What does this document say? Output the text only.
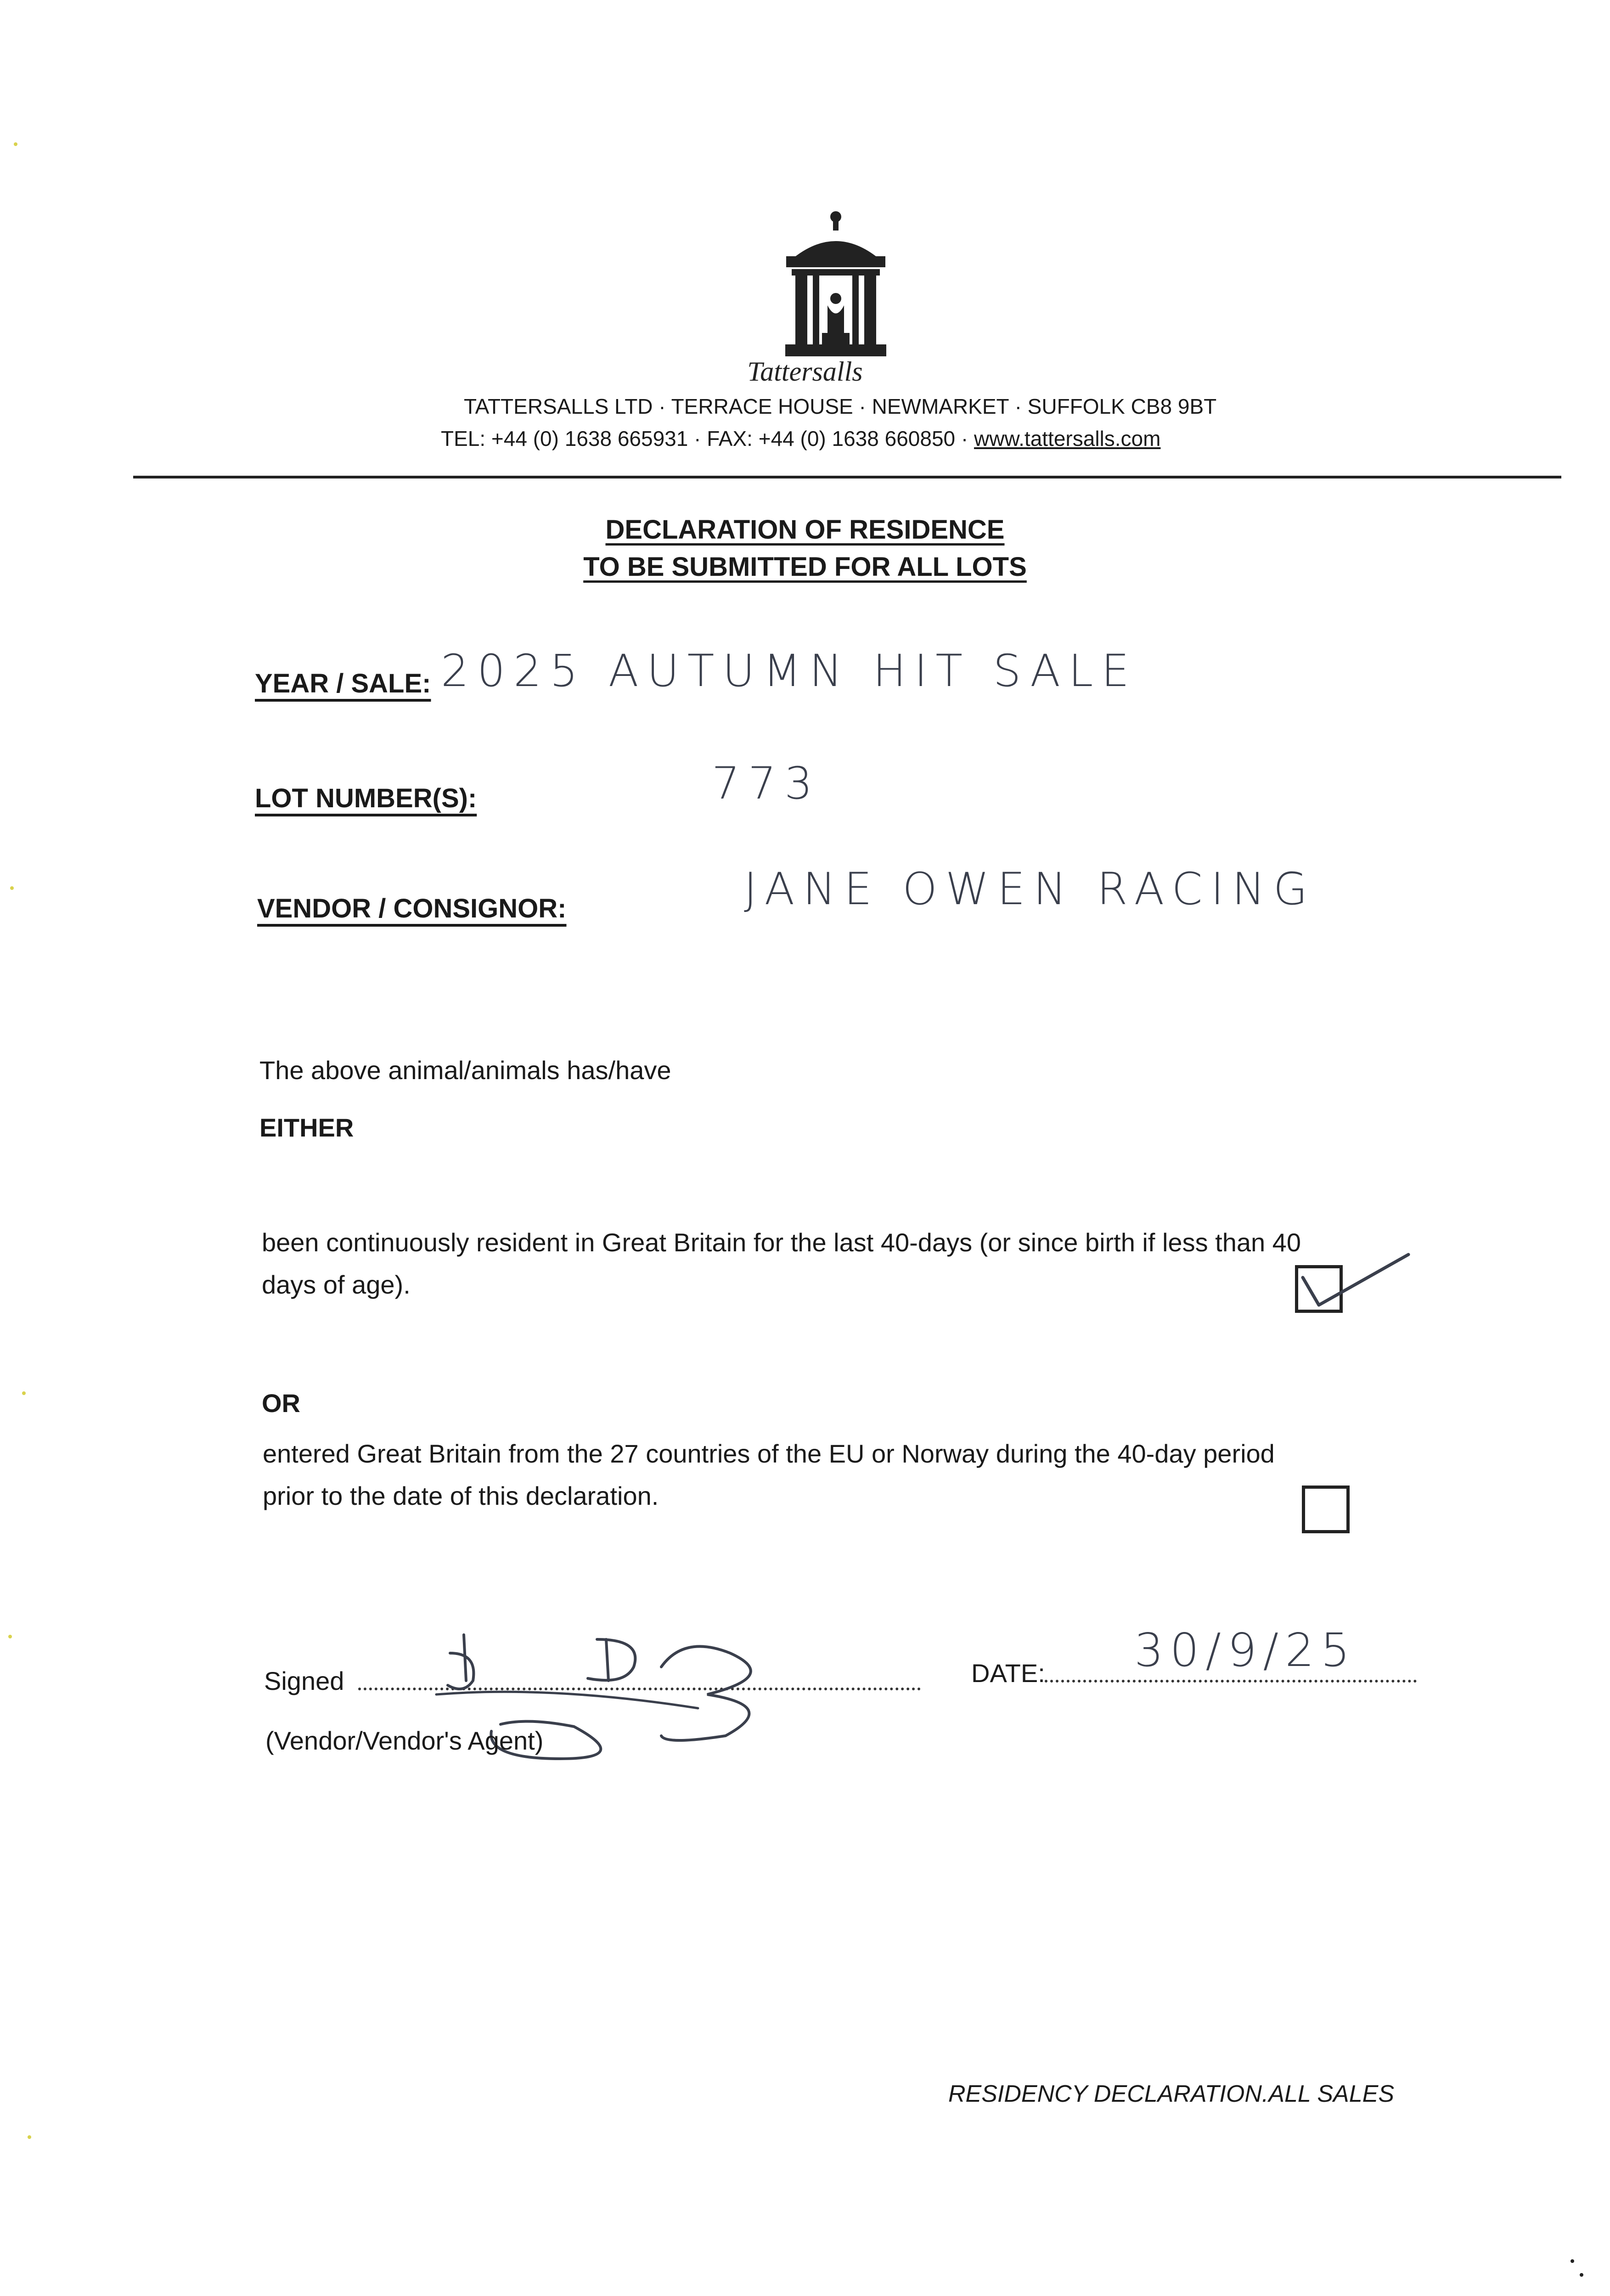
Tattersalls
TATTERSALLS LTD · TERRACE HOUSE · NEWMARKET · SUFFOLK CB8 9BT
TEL: +44 (0) 1638 665931 · FAX: +44 (0) 1638 660850 · www.tattersalls.com
DECLARATION OF RESIDENCE
TO BE SUBMITTED FOR ALL LOTS
YEAR / SALE: 2025 AUTUMN HIT SALE
LOT NUMBER(S):	773
VENDOR / CONSIGNOR:	JANE OWEN RACING
The above animal/animals has/have
EITHER
been continuously resident in Great Britain for the last 40-days (or since birth if less than 40
days of age).
OR
entered Great Britain from the 27 countries of the EU or Norway during the 40-day period
prior to the date of this declaration.
Signed
(Vendor/Vendor's Agent)
DATE: 30/9/25
RESIDENCY DECLARATION.ALL SALES
